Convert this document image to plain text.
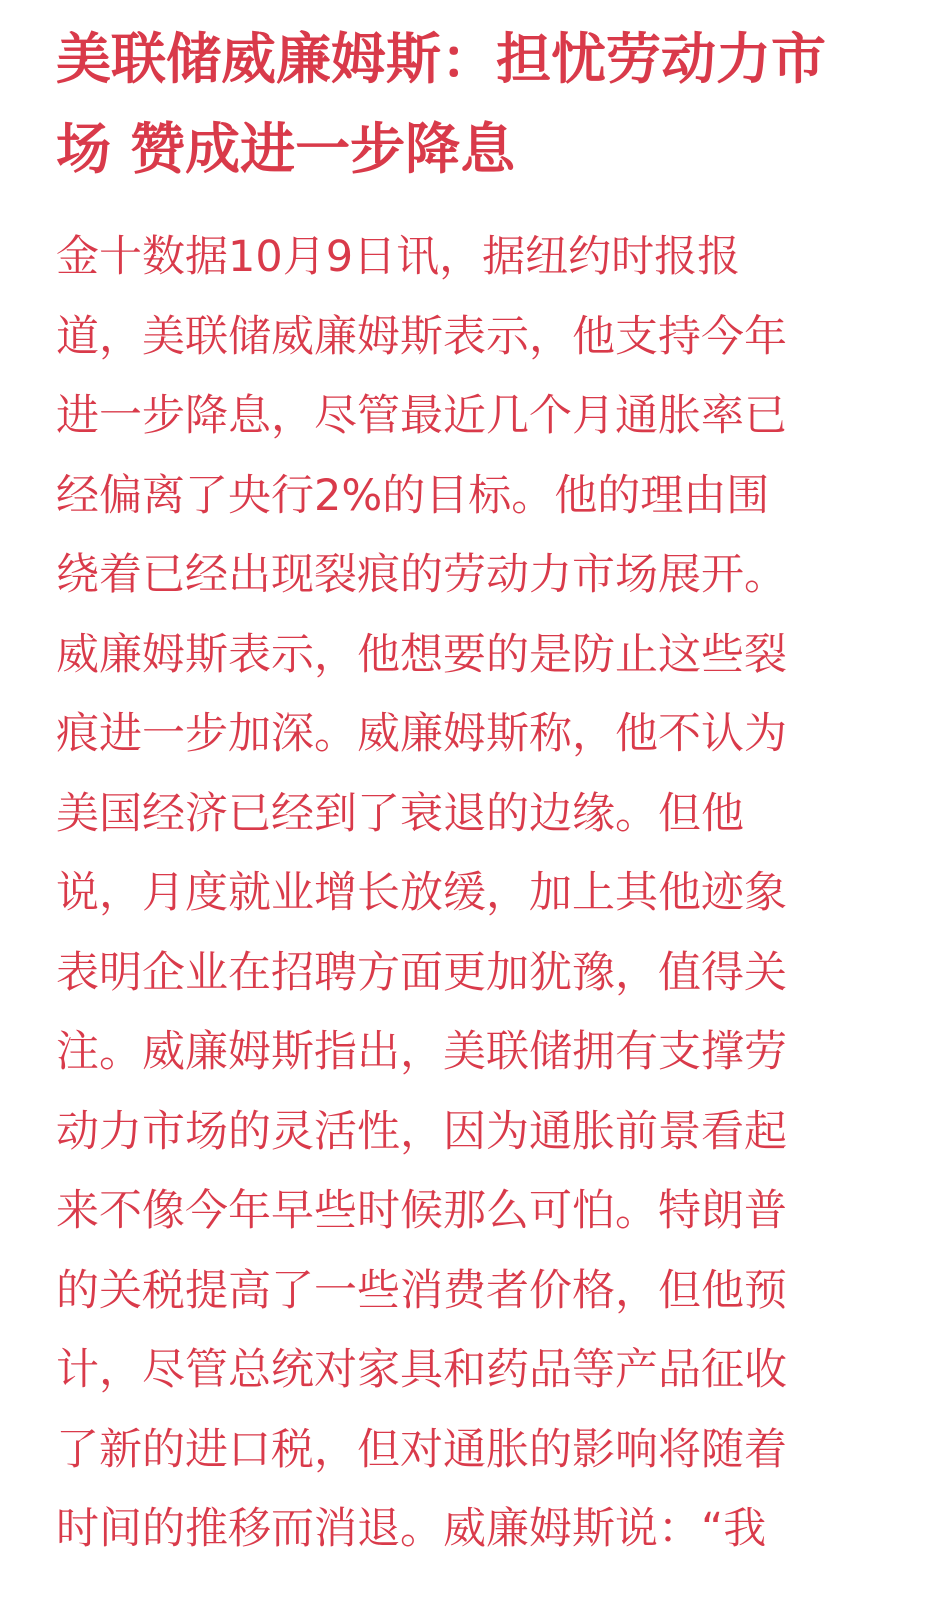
美联储威廉姆斯：担忧劳动力市
场 赞成进一步降息
金十数据10月9日讯，据纽约时报报
道，美联储威廉姆斯表示，他支持今年
进一步降息，尽管最近几个月通胀率已
经偏离了央行2%的目标。他的理由围
绕着已经出现裂痕的劳动力市场展开。
威廉姆斯表示，他想要的是防止这些裂
痕进一步加深。威廉姆斯称，他不认为
美国经济已经到了衰退的边缘。但他
说，月度就业增长放缓，加上其他迹象
表明企业在招聘方面更加犹豫，值得关
注。威廉姆斯指出，美联储拥有支撑劳
动力市场的灵活性，因为通胀前景看起
来不像今年早些时候那么可怕。特朗普
的关税提高了一些消费者价格，但他预
计，尽管总统对家具和药品等产品征收
了新的进口税，但对通胀的影响将随着
时间的推移而消退。威廉姆斯说：“我
